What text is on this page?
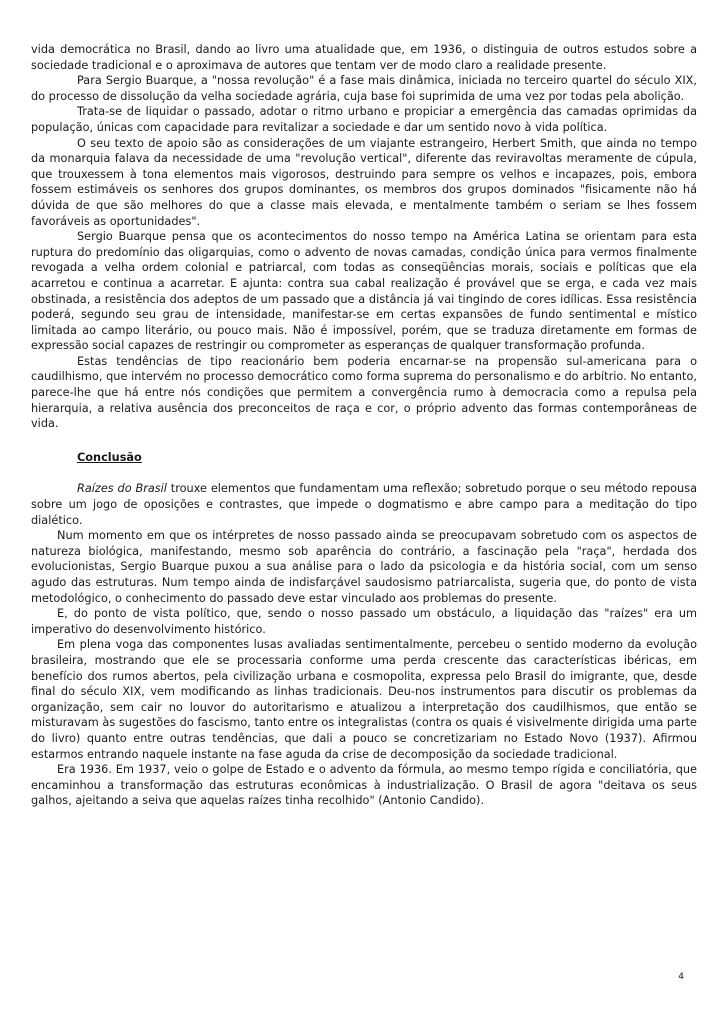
vida democrática no Brasil, dando ao livro uma atualidade que, em 1936, o distinguia de outros estudos sobre a sociedade tradicional e o aproximava de autores que tentam ver de modo claro a realidade presente.

Para Sergio Buarque, a "nossa revolução" é a fase mais dinâmica, iniciada no terceiro quartel do século XIX, do processo de dissolução da velha sociedade agrária, cuja base foi suprimida de uma vez por todas pela abolição.

Trata-se de liquidar o passado, adotar o ritmo urbano e propiciar a emergência das camadas oprimidas da população, únicas com capacidade para revitalizar a sociedade e dar um sentido novo à vida política.

O seu texto de apoio são as considerações de um viajante estrangeiro, Herbert Smith, que ainda no tempo da monarquia falava da necessidade de uma "revolução vertical", diferente das reviravoltas meramente de cúpula, que trouxessem à tona elementos mais vigorosos, destruindo para sempre os velhos e incapazes, pois, embora fossem estimáveis os senhores dos grupos dominantes, os membros dos grupos dominados "fisicamente não há dúvida de que são melhores do que a classe mais elevada, e mentalmente também o seriam se lhes fossem favoráveis as oportunidades".

Sergio Buarque pensa que os acontecimentos do nosso tempo na América Latina se orientam para esta ruptura do predomínio das oligarquias, como o advento de novas camadas, condição única para vermos finalmente revogada a velha ordem colonial e patriarcal, com todas as conseqüências morais, sociais e políticas que ela acarretou e continua a acarretar. E ajunta: contra sua cabal realização é provável que se erga, e cada vez mais obstinada, a resistência dos adeptos de um passado que a distância já vai tingindo de cores idílicas. Essa resistência poderá, segundo seu grau de intensidade, manifestar-se em certas expansões de fundo sentimental e místico limitada ao campo literário, ou pouco mais. Não é impossível, porém, que se traduza diretamente em formas de expressão social capazes de restringir ou comprometer as esperanças de qualquer transformação profunda.

Estas tendências de tipo reacionário bem poderia encarnar-se na propensão sul-americana para o caudilhismo, que intervém no processo democrático como forma suprema do personalismo e do arbítrio. No entanto, parece-lhe que há entre nós condições que permitem a convergência rumo à democracia como a repulsa pela hierarquia, a relativa ausência dos preconceitos de raça e cor, o próprio advento das formas contemporâneas de vida.

Conclusão

Raízes do Brasil trouxe elementos que fundamentam uma reflexão; sobretudo porque o seu método repousa sobre um jogo de oposições e contrastes, que impede o dogmatismo e abre campo para a meditação do tipo dialético.

Num momento em que os intérpretes de nosso passado ainda se preocupavam sobretudo com os aspectos de natureza biológica, manifestando, mesmo sob aparência do contrário, a fascinação pela "raça", herdada dos evolucionistas, Sergio Buarque puxou a sua análise para o lado da psicologia e da história social, com um senso agudo das estruturas. Num tempo ainda de indisfarçável saudosismo patriarcalista, sugeria que, do ponto de vista metodológico, o conhecimento do passado deve estar vinculado aos problemas do presente.

E, do ponto de vista político, que, sendo o nosso passado um obstáculo, a liquidação das "raízes" era um imperativo do desenvolvimento histórico.

Em plena voga das componentes lusas avaliadas sentimentalmente, percebeu o sentido moderno da evolução brasileira, mostrando que ele se processaria conforme uma perda crescente das características ibéricas, em benefício dos rumos abertos, pela civilização urbana e cosmopolita, expressa pelo Brasil do imigrante, que, desde final do século XIX, vem modificando as linhas tradicionais. Deu-nos instrumentos para discutir os problemas da organização, sem cair no louvor do autoritarismo e atualizou a interpretação dos caudilhismos, que então se misturavam às sugestões do fascismo, tanto entre os integralistas (contra os quais é visivelmente dirigida uma parte do livro) quanto entre outras tendências, que dali a pouco se concretizariam no Estado Novo (1937). Afirmou estarmos entrando naquele instante na fase aguda da crise de decomposição da sociedade tradicional.

Era 1936. Em 1937, veio o golpe de Estado e o advento da fórmula, ao mesmo tempo rígida e conciliatória, que encaminhou a transformação das estruturas econômicas à industrialização. O Brasil de agora "deitava os seus galhos, ajeitando a seiva que aquelas raízes tinha recolhido" (Antonio Candido).

4
